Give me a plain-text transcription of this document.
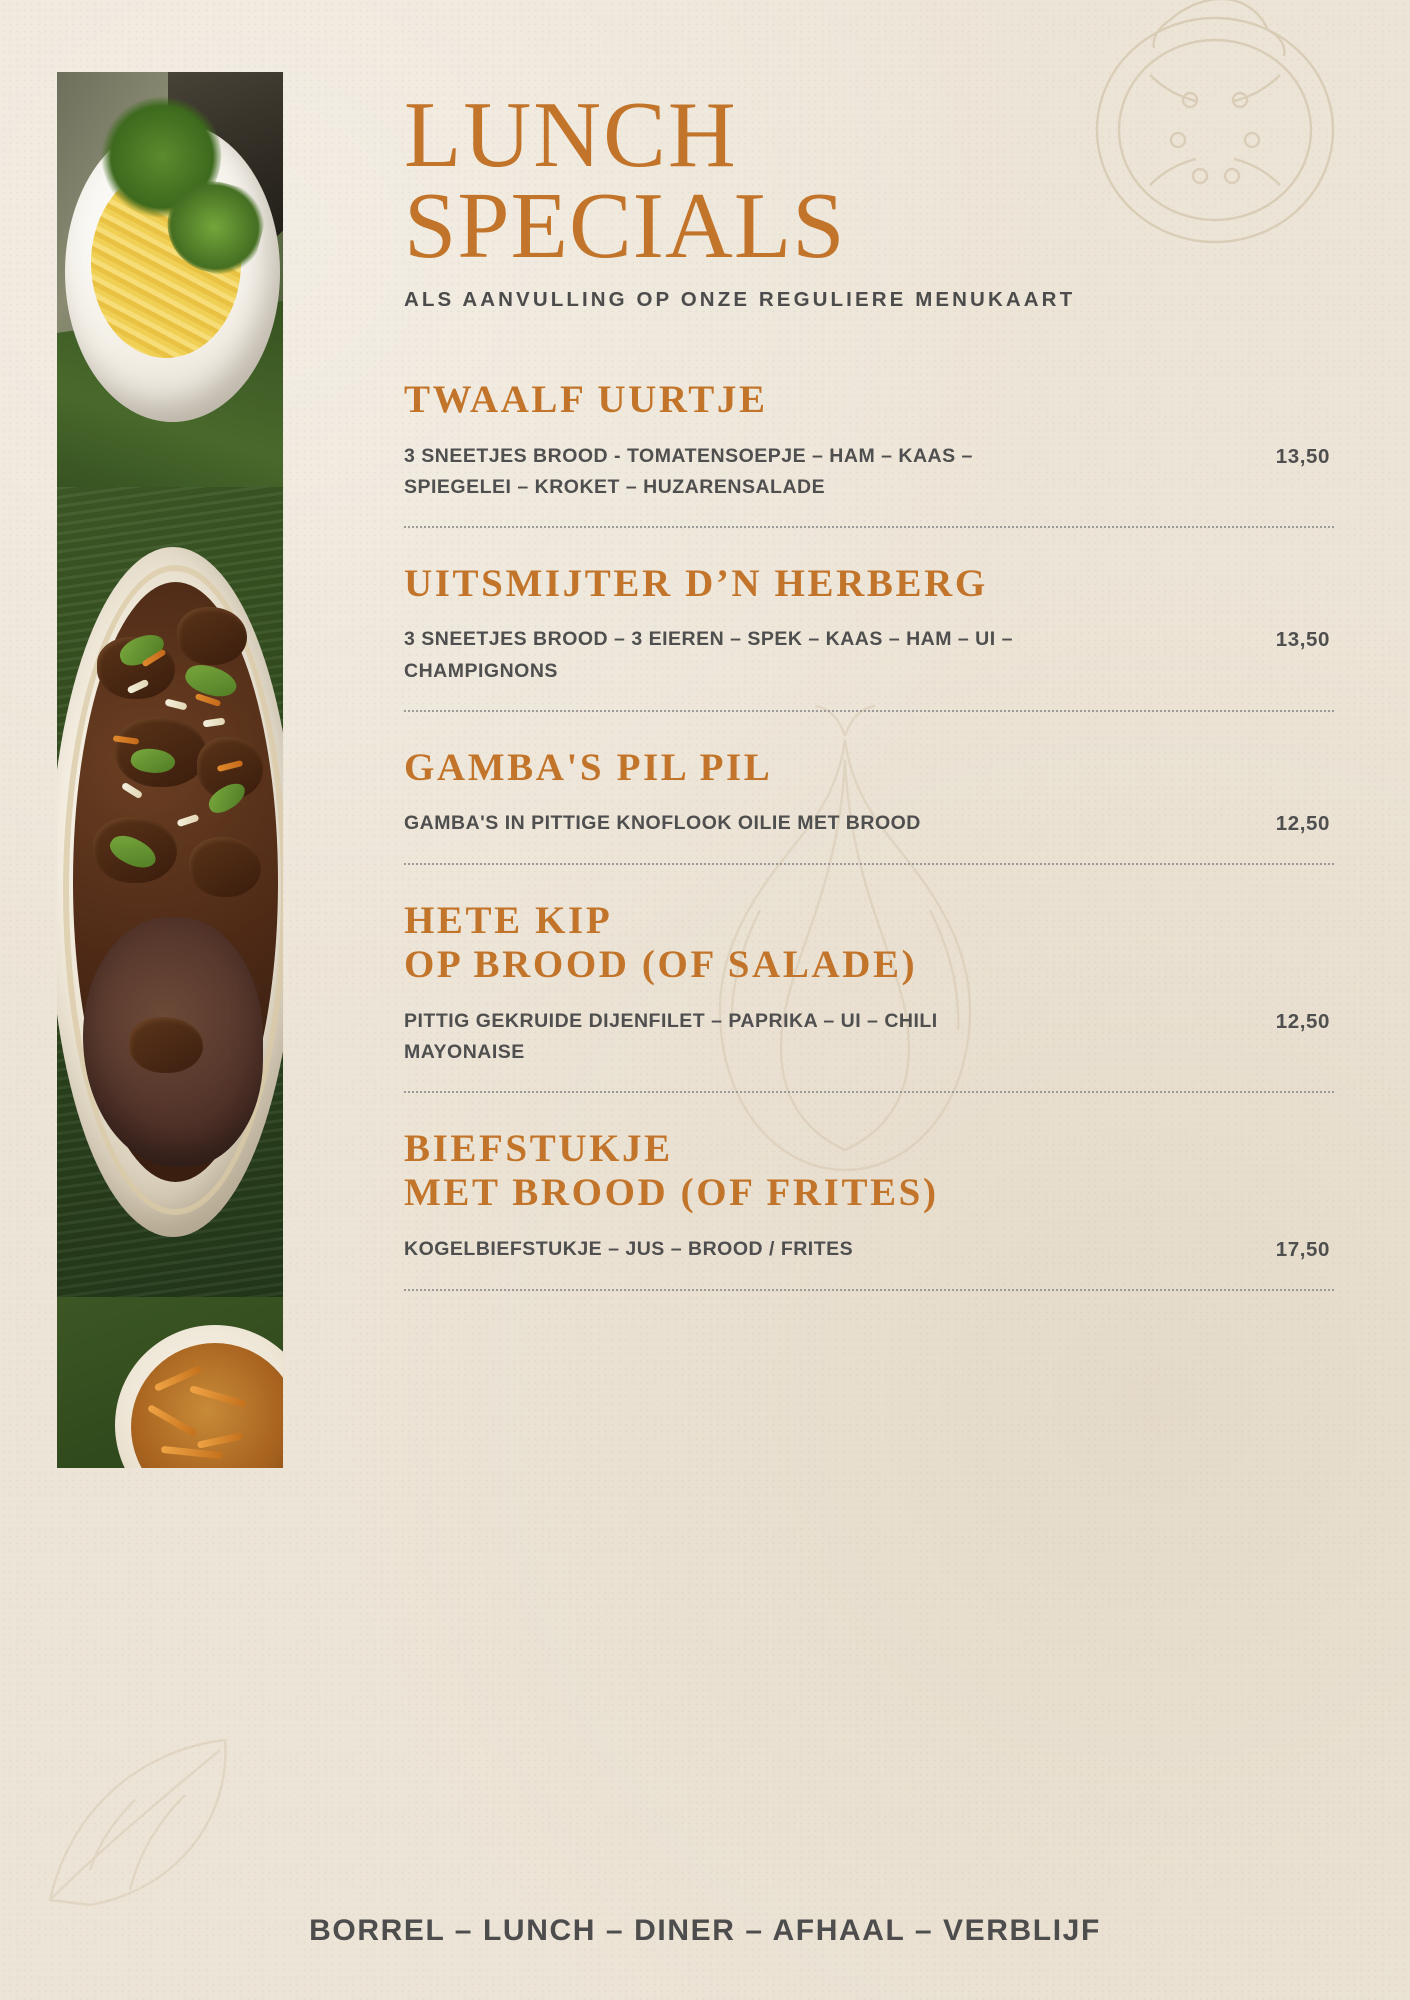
LUNCH
SPECIALS
ALS AANVULLING OP ONZE REGULIERE MENUKAART
TWAALF UURTJE
3 SNEETJES BROOD - TOMATENSOEPJE – HAM – KAAS – SPIEGELEI – KROKET – HUZARENSALADE
13,50
UITSMIJTER D’N HERBERG
3 SNEETJES BROOD – 3 EIEREN – SPEK – KAAS – HAM – UI – CHAMPIGNONS
13,50
GAMBA'S PIL PIL
GAMBA'S IN PITTIGE KNOFLOOK OILIE MET BROOD	12,50
HETE KIP
OP BROOD (OF SALADE)
PITTIG GEKRUIDE DIJENFILET – PAPRIKA – UI – CHILI MAYONAISE
12,50
BIEFSTUKJE
MET BROOD (OF FRITES)
KOGELBIEFSTUKJE – JUS – BROOD / FRITES	17,50
BORREL – LUNCH – DINER – AFHAAL – VERBLIJF
